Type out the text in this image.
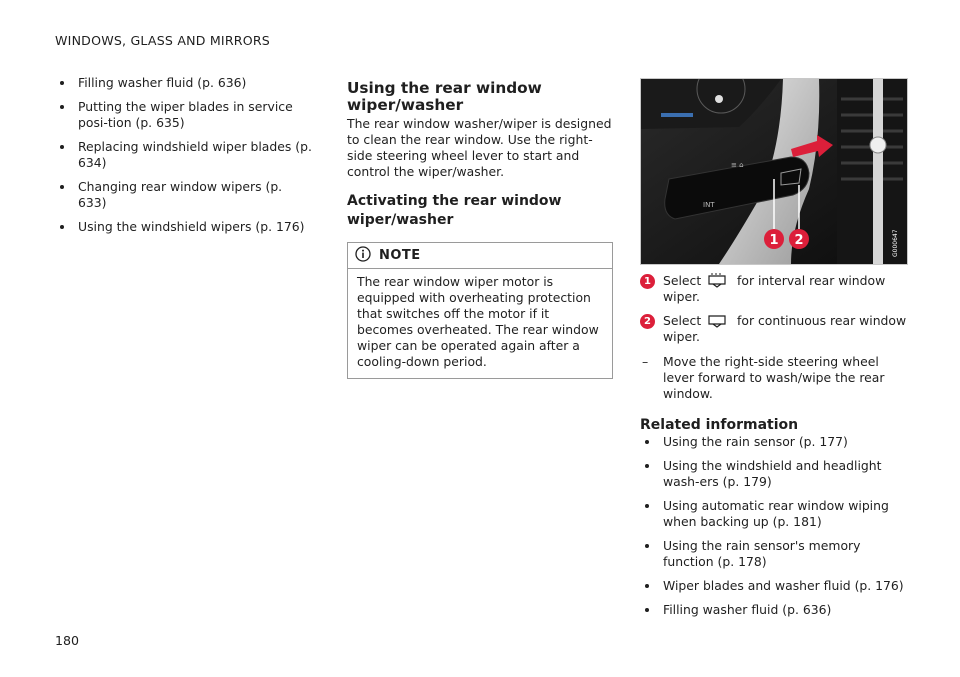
WINDOWS, GLASS AND MIRRORS
Filling washer fluid (p. 636)
Putting the wiper blades in service posi-tion (p. 635)
Replacing windshield wiper blades (p. 634)
Changing rear window wipers (p. 633)
Using the windshield wipers (p. 176)
Using the rear window wiper/washer

The rear window washer/wiper is designed to clean the rear window. Use the right-side steering wheel lever to start and control the wiper/washer.

Activating the rear window wiper/washer
NOTE
The rear window wiper motor is equipped with overheating protection that switches off the motor if it becomes overheated. The rear window wiper can be operated again after a cooling-down period.
≡ ⌂
INT
1 2	G000647
1 Select	for interval rear window
wiper.
2 Select	for continuous rear window
wiper.
– Move the right-side steering wheel lever forward to wash/wipe the rear window.
Related information
Using the rain sensor (p. 177)
Using the windshield and headlight wash-ers (p. 179)
Using automatic rear window wiping when backing up (p. 181)
Using the rain sensor's memory function (p. 178)
Wiper blades and washer fluid (p. 176)
Filling washer fluid (p. 636)
180
